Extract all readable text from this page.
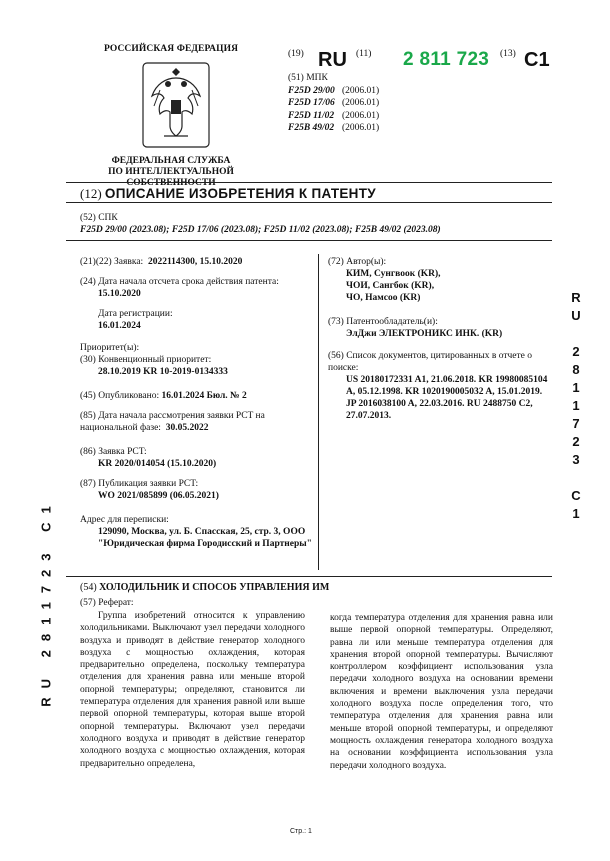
РОССИЙСКАЯ ФЕДЕРАЦИЯ
ФЕДЕРАЛЬНАЯ СЛУЖБА
ПО ИНТЕЛЛЕКТУАЛЬНОЙ СОБСТВЕННОСТИ
(19) RU (11) 2 811 723 (13) C1
(51) МПК
F25D 29/00 (2006.01)
F25D 17/06 (2006.01)
F25D 11/02 (2006.01)
F25B 49/02 (2006.01)
(12) ОПИСАНИЕ ИЗОБРЕТЕНИЯ К ПАТЕНТУ
(52) СПК
F25D 29/00 (2023.08); F25D 17/06 (2023.08); F25D 11/02 (2023.08); F25B 49/02 (2023.08)
(21)(22) Заявка: 2022114300, 15.10.2020
(24) Дата начала отсчета срока действия патента:
15.10.2020
Дата регистрации:
16.01.2024
Приоритет(ы):
(30) Конвенционный приоритет:
28.10.2019 KR 10-2019-0134333
(45) Опубликовано: 16.01.2024 Бюл. № 2
(85) Дата начала рассмотрения заявки PCT на национальной фазе: 30.05.2022
(86) Заявка PCT:
KR 2020/014054 (15.10.2020)
(87) Публикация заявки PCT:
WO 2021/085899 (06.05.2021)
Адрес для переписки:
129090, Москва, ул. Б. Спасская, 25, стр. 3, ООО "Юридическая фирма Городисский и Партнеры"
(72) Автор(ы):
КИМ, Сунгвоок (KR),
ЧОИ, Сангбок (KR),
ЧО, Намсоо (KR)
(73) Патентообладатель(и):
ЭлДжи ЭЛЕКТРОНИКС ИНК. (KR)
(56) Список документов, цитированных в отчете о поиске:
US 20180172331 A1, 21.06.2018. KR 19980085104 A, 05.12.1998. KR 1020190005032 A, 15.01.2019. JP 2016038100 A, 22.03.2016. RU 2488750 C2, 27.07.2013.
R
U
2
8
1
1
7
2
3
C
1
RU 2811723 C1	(54) ХОЛОДИЛЬНИК И СПОСОБ УПРАВЛЕНИЯ ИМ
(57) Реферат:
Группа изобретений относится к управлению холодильниками. Выключают узел передачи холодного воздуха и приводят в действие генератор холодного воздуха с мощностью охлаждения, которая предварительно определена, поскольку температура отделения для хранения равна или меньше второй опорной температуры; определяют, становится ли температура отделения для хранения равной или выше первой опорной температуры, которая выше второй опорной температуры. Включают узел передачи холодного воздуха и приводят в действие генератор холодного воздуха с мощностью охлаждения, которая предварительно определена,
когда температура отделения для хранения равна или выше первой опорной температуры. Определяют, равна ли или меньше температура отделения для хранения второй опорной температуры. Вычисляют контроллером коэффициент использования узла передачи холодного воздуха на основании времени включения и времени выключения узла передачи холодного воздуха после определения того, что температура отделения для хранения равна или меньше второй опорной температуры, и определяют мощность охлаждения генератора холодного воздуха на основании коэффициента использования узла передачи холодного воздуха.
Стр.: 1
